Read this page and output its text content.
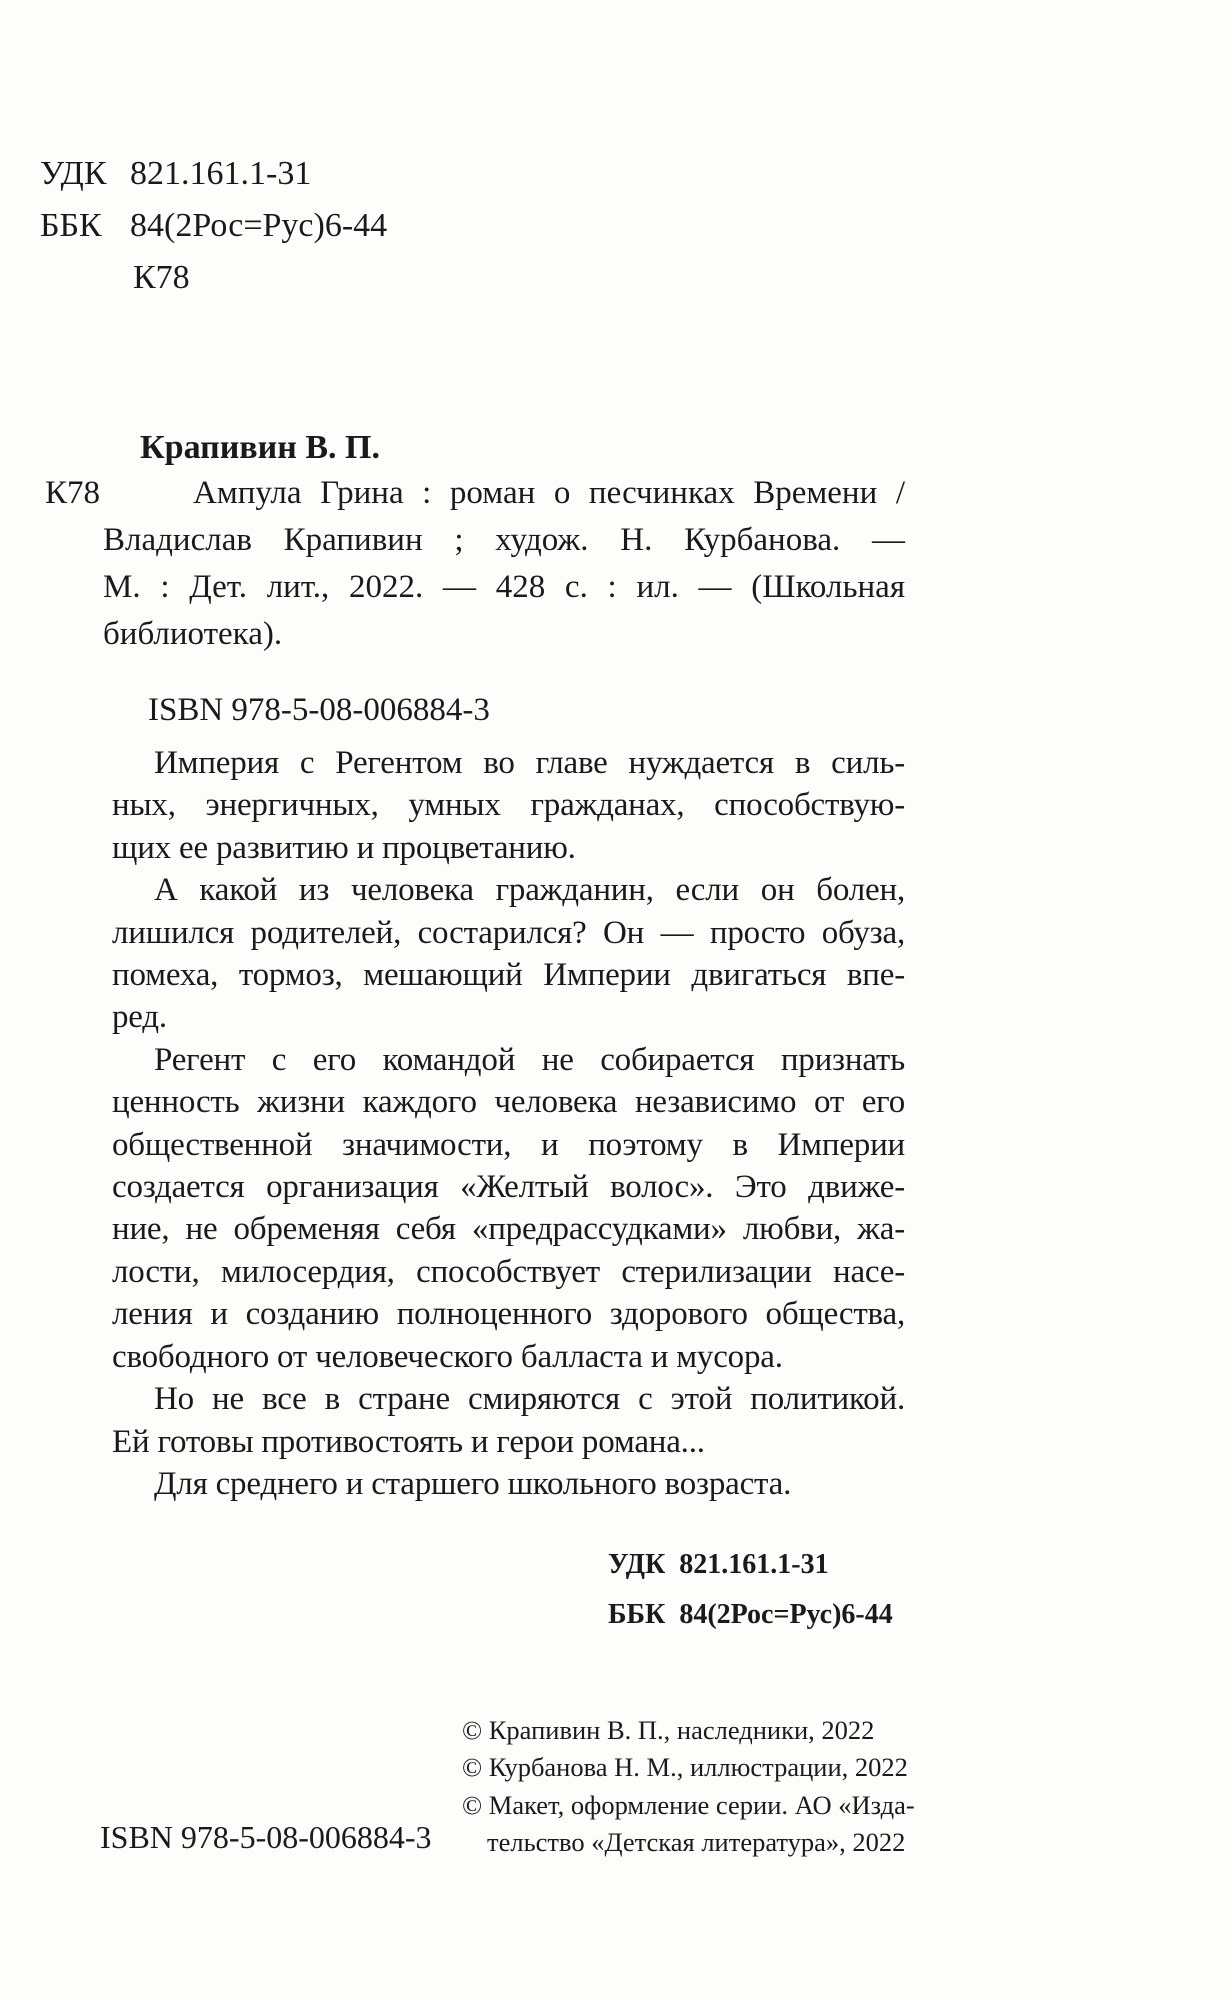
УДК 821.161.1-31
ББК 84(2Рос=Рус)6-44
К78
Крапивин В. П.
К78	Ампула Грина : роман о песчинках Времени /
Владислав Крапивин ; худож. Н. Курбанова. —
М. : Дет. лит., 2022. — 428 с. : ил. — (Школьная
библиотека).
ISBN 978-5-08-006884-3
Империя с Регентом во главе нуждается в силь-
ных, энергичных, умных гражданах, способствую-
щих ее развитию и процветанию.
А какой из человека гражданин, если он болен,
лишился родителей, состарился? Он — просто обуза,
помеха, тормоз, мешающий Империи двигаться впе-
ред.
Регент с его командой не собирается признать
ценность жизни каждого человека независимо от его
общественной значимости, и поэтому в Империи
создается организация «Желтый волос». Это движе-
ние, не обременяя себя «предрассудками» любви, жа-
лости, милосердия, способствует стерилизации насе-
ления и созданию полноценного здорового общества,
свободного от человеческого балласта и мусора.
Но не все в стране смиряются с этой политикой.
Ей готовы противостоять и герои романа...
Для среднего и старшего школьного возраста.
УДК 821.161.1-31
ББК 84(2Рос=Рус)6-44
ISBN 978-5-08-006884-3
© Крапивин В. П., наследники, 2022
© Курбанова Н. М., иллюстрации, 2022
© Макет, оформление серии. АО «Изда-
тельство «Детская литература», 2022
